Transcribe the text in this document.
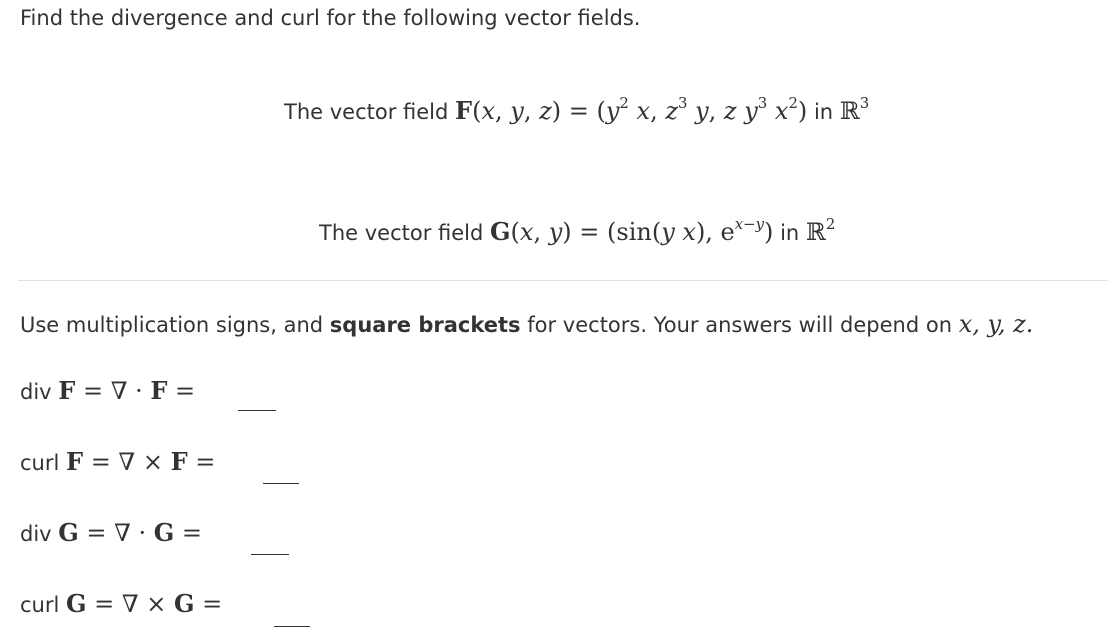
Find the divergence and curl for the following vector fields.
The vector field F(x, y, $z) = (y^2$ x, $z^3$ y, z $y^3$ $x^2$) in ℝ$^3$
The vector field G(x, y) = (sin(y x), $e^{x-y}$) in ℝ$^2$
Use multiplication signs, and square brackets for vectors. Your answers will depend on x, y, z.
div F = ∇ · F =
curl F = ∇ × F =
div G = ∇ · G =
curl G = ∇ × G =
